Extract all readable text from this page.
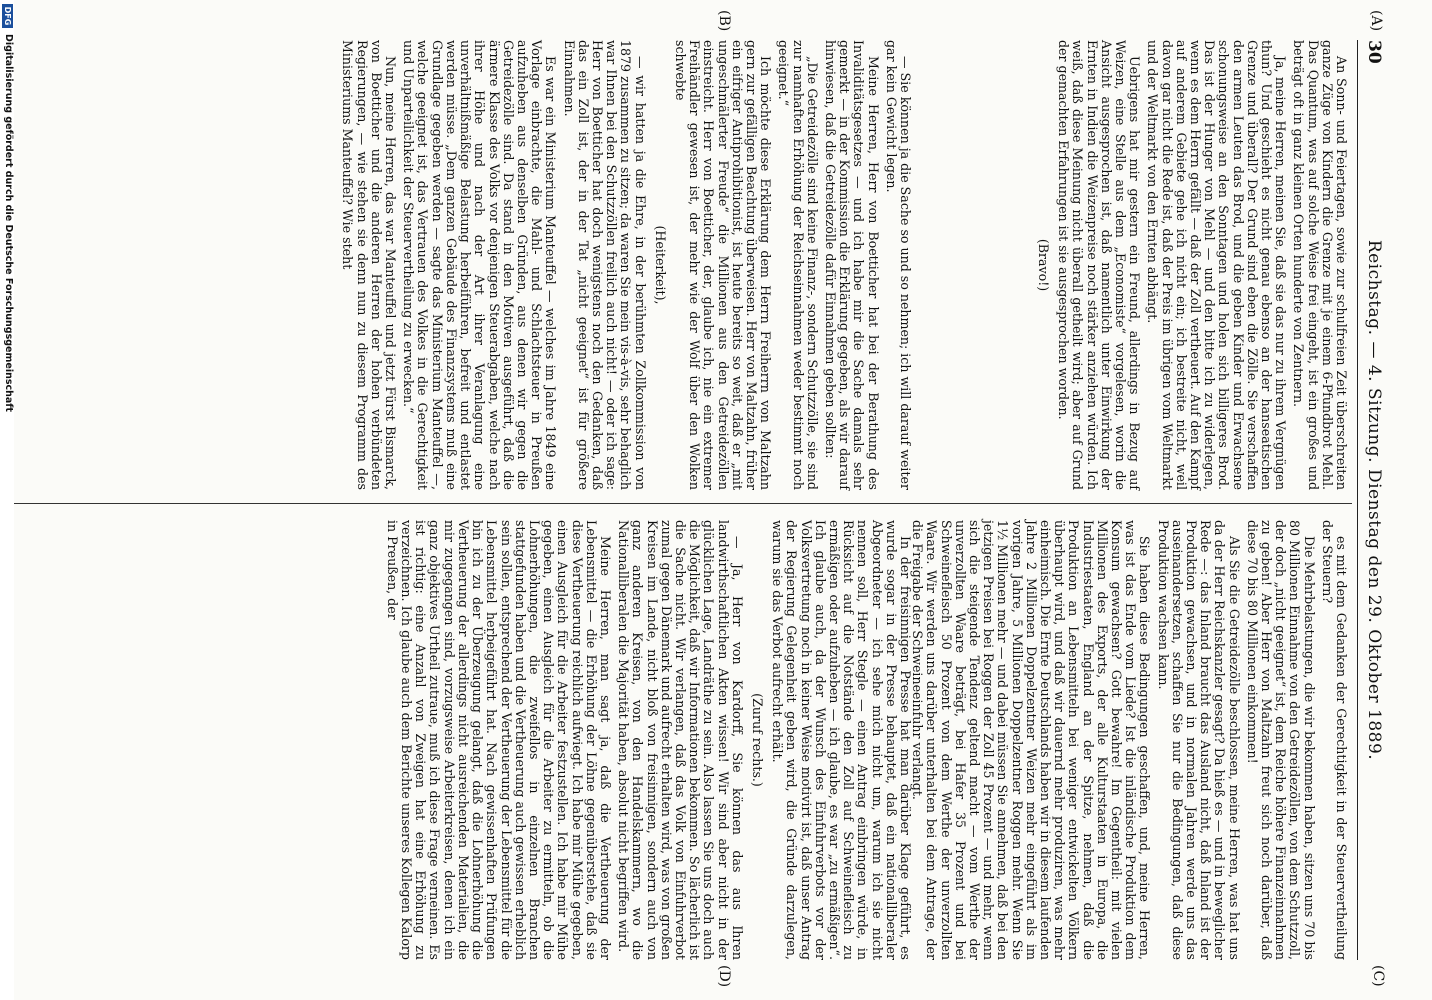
30
Reichstag. — 4. Sitzung. Dienstag den 29. Oktober 1889.
(A)
(B)
(C)
(D)

An Sonn- und Feiertagen, sowie zur schulfreien Zeit überschreiten ganze Züge von Kindern die Grenze mit je einem 6-Pfundbrot Mehl. Das Quantum, was auf solche Weise frei eingeht, ist ein großes und beträgt oft in ganz kleinen Orten hunderte von Zentnern.

Ja, meine Herren, meinen Sie, daß sie das nur zu ihrem Vergnügen thun? Und geschieht es nicht genau ebenso an der hanseatischen Grenze und überall? Der Grund sind eben die Zölle. Sie verschaffen den armen Leuten das Brod, und die geben Kinder und Erwachsene schonungsweise an den Sonntagen und holen sich billigeres Brod. Das ist der Hunger von Mehl — und den bitte ich zu widerlegen, wenn es dem Herrn gefällt — daß der Zoll vertheuert. Auf den Kampf auf anderem Gebiete gehe ich nicht ein; ich bestreite nicht, weil davon gar nicht die Rede ist, daß der Preis im übrigen vom Weltmarkt und der Weltmarkt von den Ernten abhängt.

Uebrigens hat mir gestern ein Freund, allerdings in Bezug auf Weizen, eine Stelle aus dem „Economiste“ vorgelesen, worin die Ansicht ausgesprochen ist, daß namentlich unter Einwirkung der Ernten in Indien die Weizenpreise noch stärker anziehen würden. Ich weiß, daß diese Meinung nicht überall getheilt wird; aber auf Grund der gemachten Erfahrungen ist sie ausgesprochen worden.

(Bravo!)

— Sie können ja die Sache so und so nehmen; ich will darauf weiter gar kein Gewicht legen.

Meine Herren, Herr von Boetticher hat bei der Berathung des Invaliditätsgesetzes — und ich habe mir die Sache damals sehr gemerkt — in der Kommission die Erklärung gegeben, als wir darauf hinwiesen, daß die Getreidezölle dafür Einnahmen geben sollten:

„Die Getreidezölle sind keine Finanz-, sondern Schutzzölle, sie sind zur namhaften Erhöhung der Reichseinnahmen weder bestimmt noch geeignet.“

Ich möchte diese Erklärung dem Herrn Freiherrn von Maltzahn gern zur gefälligen Beachtung überweisen. Herr von Maltzahn, früher ein eifriger Antiprohibitionist, ist heute bereits so weit, daß er „mit ungeschmälerter Freude“ die Millionen aus den Getreidezöllen einstreicht. Herr von Boetticher, der, glaube ich, nie ein extremer Freihändler gewesen ist, der mehr wie der Wolf über den Wolken schwebte

(Heiterkeit),

— wir hatten ja die Ehre, in der berühmten Zollkommission von 1879 zusammen zu sitzen; da waren Sie mein vis-à-vis, sehr behaglich war Ihnen bei den Schutzzöllen freilich auch nicht! — oder ich sage: Herr von Boetticher hat doch wenigstens noch den Gedanken, daß das ein Zoll ist, der in der Tat „nicht geeignet“ ist für größere Einnahmen.

Es war ein Ministerium Manteuffel — welches im Jahre 1849 eine Vorlage einbrachte, die Mahl- und Schlachtsteuer in Preußen aufzuheben aus denselben Gründen, aus denen wir gegen die Getreidezölle sind. Da stand in den Motiven ausgeführt, daß die ärmere Klasse des Volks vor denjenigen Steuerabgaben, welche nach ihrer Höhe und nach der Art ihrer Veranlagung eine unverhältnißmäßige Belastung herbeiführen, befreit und entlastet werden müsse. „Dem ganzen Gebäude des Finanzsystems muß eine Grundlage gegeben werden — sagte das Ministerium Manteuffel —, welche geeignet ist, das Vertrauen des Volkes in die Gerechtigkeit und Unparteilichkeit der Steuervertheilung zu erwecken.“

Nun, meine Herren, das war Manteuffel und jetzt Fürst Bismarck, von Boetticher und die anderen Herren der hohen verbündeten Regierungen, — wie stehen sie denn nun zu diesem Programm des Ministeriums Manteuffel? Wie steht

es mit dem Gedanken der Gerechtigkeit in der Steuervertheilung der Steuern?

Die Mehrbelastungen, die wir bekommen haben, sitzen uns 70 bis 80 Millionen Einnahme von den Getreidezöllen, von dem Schutzzoll, der doch „nicht geeignet“ ist, dem Reiche höhere Finanzeinnahmen zu geben! Aber Herr von Maltzahn freut sich noch darüber, daß diese 70 bis 80 Millionen einkommen!

Als Sie die Getreidezölle beschlossen, meine Herren, was hat uns da der Herr Reichskanzler gesagt? Da hieß es — und in beweglicher Rede —: das Inland braucht das Ausland nicht, daß Inland ist der Produktion gewachsen, und in normalen Jahren werde uns das auseinandersetzen, schaffen Sie nur die Bedingungen, daß diese Produktion wachsen kann.

Sie haben diese Bedingungen geschaffen, und, meine Herren, was ist das Ende vom Liede? Ist die inländische Produktion dem Konsum gewachsen? Gott bewahre! Im Gegentheil: mit vielen Millionen des Exports, der alle Kulturstaaten in Europa, die Industriestaaten, England an der Spitze, nehmen, daß die Produktion an Lebensmitteln bei weniger entwickelten Völkern überhaupt wird, und daß wir dauernd mehr produziren, was mehr einheimisch. Die Ernte Deutschlands haben wir in diesem laufenden Jahre 2 Millionen Doppelzentner Weizen mehr eingeführt als im vorigen Jahre, 5 Millionen Doppelzentner Roggen mehr. Wenn Sie 1½ Millionen mehr — und dabei müssen Sie annehmen, daß bei den jetzigen Preisen bei Roggen der Zoll 45 Prozent — und mehr, wenn sich die steigende Tendenz geltend macht — vom Werthe der unverzollten Waare beträgt, bei Hafer 35 Prozent und bei Schweinefleisch 50 Prozent von dem Werthe der unverzollten Waare. Wir werden uns darüber unterhalten bei dem Antrage, der die Freigabe der Schweineeinfuhr verlangt.

In der freisinnigen Presse hat man darüber Klage geführt, es wurde sogar in der Presse behauptet, daß ein nationalliberaler Abgeordneter — ich sehe mich nicht um, warum ich sie nicht nennen soll, Herr Stegle — einen Antrag einbringen würde, in Rücksicht auf die Notstände den Zoll auf Schweinefleisch zu ermäßigen oder aufzuheben — ich glaube, es war „zu ermäßigen“. Ich glaube auch, da der Wunsch des Einfuhrverbots vor der Volksvertretung noch in keiner Weise motivirt ist, daß unser Antrag der Regierung Gelegenheit geben wird, die Gründe darzulegen, warum sie das Verbot aufrecht erhält.

(Zuruf rechts.)

— Ja, Herr von Kardorff, Sie können das aus Ihren landwirthschaftlichen Akten wissen! Wir sind aber nicht in der glücklichen Lage, Landräthe zu sein. Also lassen Sie uns doch auch die Möglichkeit, daß wir Informationen bekommen. So lächerlich ist die Sache nicht. Wir verlangen, daß das Volk von Einfuhrverbot zumal gegen Dänemark und aufrecht erhalten wird, was von großen Kreisen im Lande, nicht bloß von freisinnigen, sondern auch von ganz anderen Kreisen, von den Handelskammern, wo die Nationalliberalen die Majorität haben, absolut nicht begriffen wird.

Meine Herren, man sagt ja, daß die Vertheuerung der Lebensmittel — die Erhöhung der Löhne gegenüberstehe, daß sie diese Vertheuerung reichlich aufwiegt. Ich habe mir Mühe gegeben, einen Ausgleich für die Arbeiter festzustellen. Ich habe mir Mühe gegeben, einen Ausgleich für die Arbeiter zu ermitteln, ob die Lohnerhöhungen, die zweifellos in einzelnen Branchen stattgefunden haben und die Vertheuerung auch gewissen erheblich sein sollen, entsprechend der Vertheuerung der Lebensmittel für die Lebensmittel herbeigeführt hat. Nach gewissenhaften Prüfungen bin ich zu der Überzeugung gelangt, daß die Lohnerhöhung die Vertheuerung der allerdings nicht ausreichenden Materialien, die mir zugegangen sind, vorzugsweise Arbeiterkreisen, denen ich ein ganz objektives Urtheil zutraue, muß ich diese Frage verneinen. Es ist richtig: eine Anzahl von Zweigen hat eine Erhöhung zu verzeichnen. Ich glaube auch dem Berichte unseres Kollegen Kalorp in Preußen, der

DFG
Digitalisierung gefördert durch die Deutsche Forschungsgemeinschaft
